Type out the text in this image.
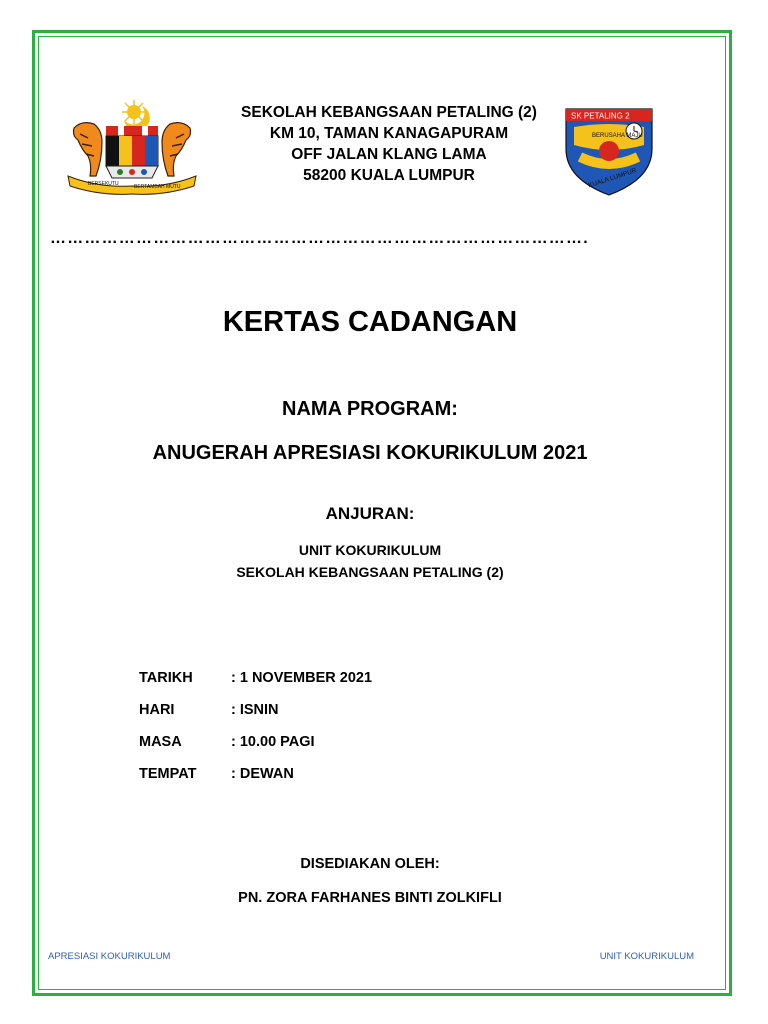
BERSEKUTU	BERTAMBAH MUTU
SEKOLAH KEBANGSAAN PETALING (2)
KM 10, TAMAN KANAGAPURAM
OFF JALAN KLANG LAMA
58200 KUALA LUMPUR
SK PETALING 2
BERUSAHA MAJU
KUALA LUMPUR
………………………………………………………………………………….
KERTAS CADANGAN
NAMA PROGRAM:
ANUGERAH APRESIASI KOKURIKULUM 2021
ANJURAN:
UNIT KOKURIKULUM
SEKOLAH KEBANGSAAN PETALING (2)
TARIKH	: 1 NOVEMBER 2021
HARI	: ISNIN
MASA	: 10.00 PAGI
TEMPAT	: DEWAN
DISEDIAKAN OLEH:
PN. ZORA FARHANES BINTI ZOLKIFLI
APRESIASI KOKURIKULUM	UNIT KOKURIKULUM
